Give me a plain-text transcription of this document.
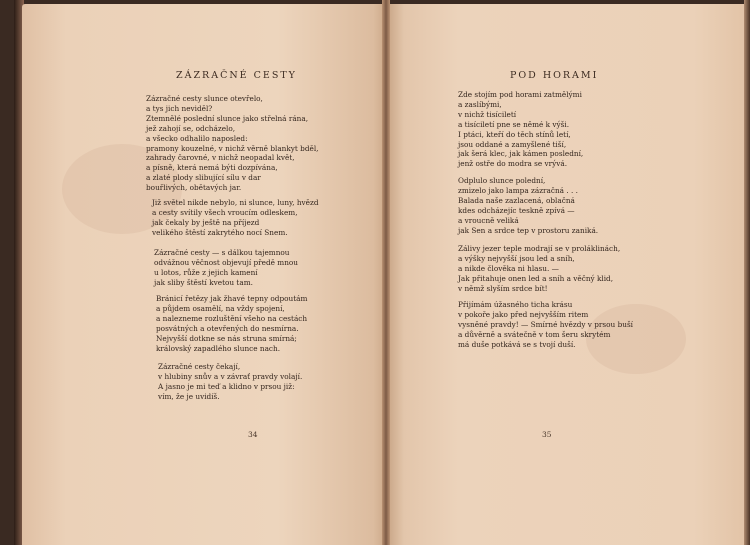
ZÁZRAČNÉ CESTY
Zázračné cesty slunce otevřelo,
a tys jich neviděl?
Ztemnělé poslední slunce jako střelná rána,
jež zahojí se, odcházelo,
a všecko odhalilo naposled:
pramony kouzelné, v nichž věrně blankyt bděl,
zahrady čarovné, v nichž neopadal květ,
a písně, která nemá býti dozpívána,
a zlaté plody slibující sílu v dar
bouřlivých, obětavých jar.
Již světel nikde nebylo, ni slunce, luny, hvězd
a cesty svítily všech vroucím odleskem,
jak čekaly by ještě na příjezd
velikého štěstí zakrytého nocí Snem.
Zázračné cesty — s dálkou tajemnou
odvážnou věčnost objevují předě mnou
u lotos, růže z jejich kamení
jak sliby štěstí kvetou tam.
Bránicí řetězy jak žhavé tepny odpoutám
a půjdem osamělí, na vždy spojení,
a nalezneme rozluštění všeho na cestách
posvátných a otevřených do nesmírna.
Nejvyšší dotkne se nás struna smírná;
královský zapadlého slunce nach.
Zázračné cesty čekají,
v hlubiny snův a v závrať pravdy volají.
A jasno je mi teď a klidno v prsou již:
vím, že je uvidíš.
34
POD HORAMI
Zde stojím pod horami zatmělými
a zaslíbými,
v nichž tisíciletí
a tisíciletí pne se němé k výši.
I ptáci, kteří do těch stínů letí,
jsou oddané a zamyšlené tiší,
jak šerá klec, jak kámen poslední,
jenž ostře do modra se vrývá.
Odplulo slunce polední,
zmizelo jako lampa zázračná . . .
Balada naše zazlacená, oblačná
kdes odcházejíc teskně zpívá —
a vroucně veliká
jak Sen a srdce tep v prostoru zaniká.
Zálivy jezer teple modrají se v proláklinách,
a výšky nejvyšší jsou led a sníh,
a nikde člověka ni hlasu. —
Jak přitahuje onen led a sníh a věčný klid,
v němž slyším srdce bít!
Přijímám úžasného ticha krásu
v pokoře jako před nejvyšším ritem
vysněné pravdy! — Smírné hvězdy v prsou buší
a důvěrně a svátečně v tom šeru skrytém
má duše potkává se s tvojí duší.
35
